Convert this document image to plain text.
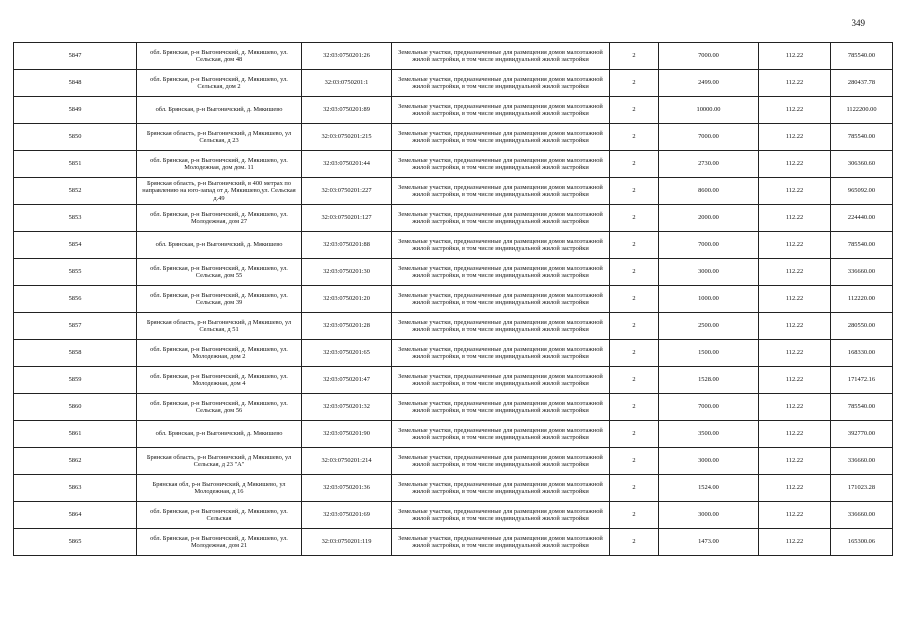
349
5847	обл. Брянская, р-н Выгоничский, д. Мякишево, ул. Сельская, дом 48	32:03:0750201:26	Земельные участки, предназначенные для размещения домов малоэтажной жилой застройки, в том числе индивидуальной жилой застройки	2	7000.00	112.22	785540.00
5848	обл. Брянская, р-н Выгоничский, д. Мякишево, ул. Сельская, дом 2	32:03:0750201:1	Земельные участки, предназначенные для размещения домов малоэтажной жилой застройки, в том числе индивидуальной жилой застройки	2	2499.00	112.22	280437.78
5849	обл. Брянская, р-н Выгоничский, д. Мякишево	32:03:0750201:89	Земельные участки, предназначенные для размещения домов малоэтажной жилой застройки, в том числе индивидуальной жилой застройки	2	10000.00	112.22	1122200.00
5850	Брянская область, р-н Выгоничский, д Мякишево, ул Сельская, д 23	32:03:0750201:215	Земельные участки, предназначенные для размещения домов малоэтажной жилой застройки, в том числе индивидуальной жилой застройки	2	7000.00	112.22	785540.00
5851	обл. Брянская, р-н Выгоничский, д. Мякишево, ул. Молодежная, дом дом. 11	32:03:0750201:44	Земельные участки, предназначенные для размещения домов малоэтажной жилой застройки, в том числе индивидуальной жилой застройки	2	2730.00	112.22	306360.60
5852	Брянская область, р-н Выгоничский, в 400 метрах по направлению на юго-запад от д. Мякишево,ул. Сельская д.49	32:03:0750201:227	Земельные участки, предназначенные для размещения домов малоэтажной жилой застройки, в том числе индивидуальной жилой застройки	2	8600.00	112.22	965092.00
5853	обл. Брянская, р-н Выгоничский, д. Мякишево, ул. Молодежная, дом 27	32:03:0750201:127	Земельные участки, предназначенные для размещения домов малоэтажной жилой застройки, в том числе индивидуальной жилой застройки	2	2000.00	112.22	224440.00
5854	обл. Брянская, р-н Выгоничский, д. Мякишево	32:03:0750201:88	Земельные участки, предназначенные для размещения домов малоэтажной жилой застройки, в том числе индивидуальной жилой застройки	2	7000.00	112.22	785540.00
5855	обл. Брянская, р-н Выгоничский, д. Мякишево, ул. Сельская, дом 55	32:03:0750201:30	Земельные участки, предназначенные для размещения домов малоэтажной жилой застройки, в том числе индивидуальной жилой застройки	2	3000.00	112.22	336660.00
5856	обл. Брянская, р-н Выгоничский, д. Мякишево, ул. Сельская, дом 39	32:03:0750201:20	Земельные участки, предназначенные для размещения домов малоэтажной жилой застройки, в том числе индивидуальной жилой застройки	2	1000.00	112.22	112220.00
5857	Брянская область, р-н Выгоничский, д Мякишево, ул Сельская, д 51	32:03:0750201:28	Земельные участки, предназначенные для размещения домов малоэтажной жилой застройки, в том числе индивидуальной жилой застройки	2	2500.00	112.22	280550.00
5858	обл. Брянская, р-н Выгоничский, д. Мякишево, ул. Молодежная, дом 2	32:03:0750201:65	Земельные участки, предназначенные для размещения домов малоэтажной жилой застройки, в том числе индивидуальной жилой застройки	2	1500.00	112.22	168330.00
5859	обл. Брянская, р-н Выгоничский, д. Мякишево, ул. Молодежная, дом 4	32:03:0750201:47	Земельные участки, предназначенные для размещения домов малоэтажной жилой застройки, в том числе индивидуальной жилой застройки	2	1528.00	112.22	171472.16
5860	обл. Брянская, р-н Выгоничский, д. Мякишево, ул. Сельская, дом 56	32:03:0750201:32	Земельные участки, предназначенные для размещения домов малоэтажной жилой застройки, в том числе индивидуальной жилой застройки	2	7000.00	112.22	785540.00
5861	обл. Брянская, р-н Выгоничский, д. Мякишево	32:03:0750201:90	Земельные участки, предназначенные для размещения домов малоэтажной жилой застройки, в том числе индивидуальной жилой застройки	2	3500.00	112.22	392770.00
5862	Брянская область, р-н Выгоничский, д Мякишево, ул Сельская, д 23 "А"	32:03:0750201:214	Земельные участки, предназначенные для размещения домов малоэтажной жилой застройки, в том числе индивидуальной жилой застройки	2	3000.00	112.22	336660.00
5863	Брянская обл, р-н Выгоничский, д Мякишево, ул Молодежная, д 16	32:03:0750201:36	Земельные участки, предназначенные для размещения домов малоэтажной жилой застройки, в том числе индивидуальной жилой застройки	2	1524.00	112.22	171023.28
5864	обл. Брянская, р-н Выгоничский, д. Мякишево, ул. Сельская	32:03:0750201:69	Земельные участки, предназначенные для размещения домов малоэтажной жилой застройки, в том числе индивидуальной жилой застройки	2	3000.00	112.22	336660.00
5865	обл. Брянская, р-н Выгоничский, д. Мякишево, ул. Молодежная, дом 21	32:03:0750201:119	Земельные участки, предназначенные для размещения домов малоэтажной жилой застройки, в том числе индивидуальной жилой застройки	2	1473.00	112.22	165300.06
